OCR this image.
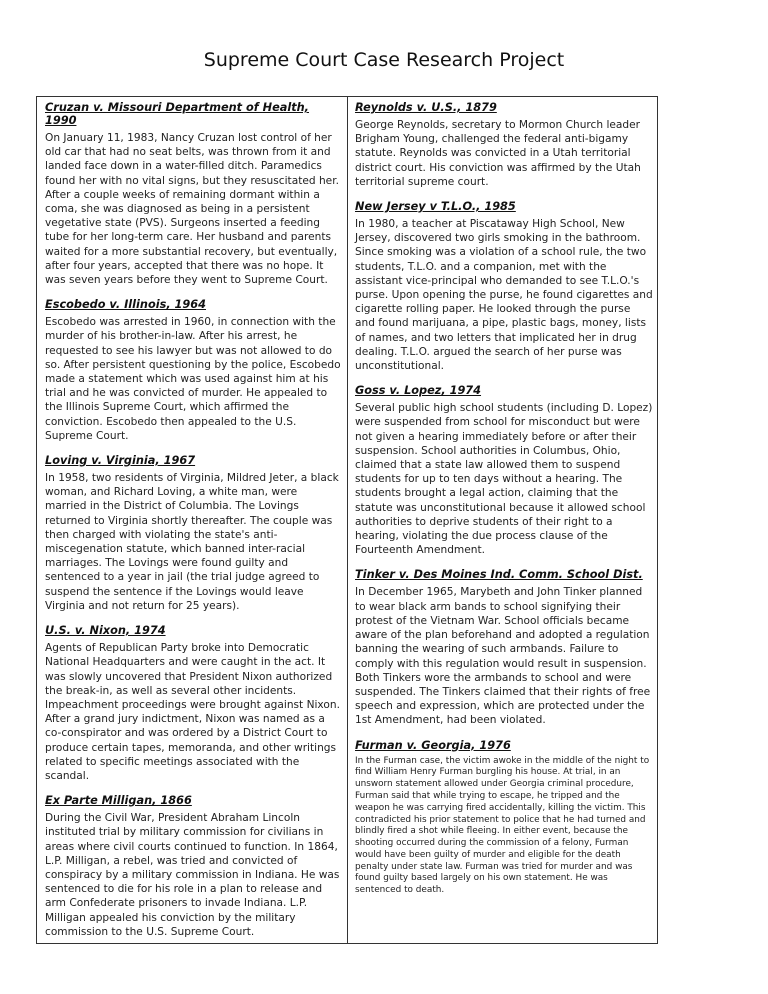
Supreme Court Case Research Project
Cruzan v. Missouri Department of Health, 1990

On January 11, 1983, Nancy Cruzan lost control of her old car that had no seat belts, was thrown from it and landed face down in a water-filled ditch. Paramedics found her with no vital signs, but they resuscitated her. After a couple weeks of remaining dormant within a coma, she was diagnosed as being in a persistent vegetative state (PVS). Surgeons inserted a feeding tube for her long-term care. Her husband and parents waited for a more substantial recovery, but eventually, after four years, accepted that there was no hope. It was seven years before they went to Supreme Court.

Escobedo v. Illinois, 1964

Escobedo was arrested in 1960, in connection with the murder of his brother-in-law. After his arrest, he requested to see his lawyer but was not allowed to do so. After persistent questioning by the police, Escobedo made a statement which was used against him at his trial and he was convicted of murder. He appealed to the Illinois Supreme Court, which affirmed the conviction. Escobedo then appealed to the U.S. Supreme Court.

Loving v. Virginia, 1967

In 1958, two residents of Virginia, Mildred Jeter, a black woman, and Richard Loving, a white man, were married in the District of Columbia. The Lovings returned to Virginia shortly thereafter. The couple was then charged with violating the state's anti-miscegenation statute, which banned inter-racial marriages. The Lovings were found guilty and sentenced to a year in jail (the trial judge agreed to suspend the sentence if the Lovings would leave Virginia and not return for 25 years).

U.S. v. Nixon, 1974

Agents of Republican Party broke into Democratic National Headquarters and were caught in the act. It was slowly uncovered that President Nixon authorized the break-in, as well as several other incidents. Impeachment proceedings were brought against Nixon. After a grand jury indictment, Nixon was named as a co-conspirator and was ordered by a District Court to produce certain tapes, memoranda, and other writings related to specific meetings associated with the scandal.

Ex Parte Milligan, 1866

During the Civil War, President Abraham Lincoln instituted trial by military commission for civilians in areas where civil courts continued to function. In 1864, L.P. Milligan, a rebel, was tried and convicted of conspiracy by a military commission in Indiana. He was sentenced to die for his role in a plan to release and arm Confederate prisoners to invade Indiana. L.P. Milligan appealed his conviction by the military commission to the U.S. Supreme Court.

Reynolds v. U.S., 1879

George Reynolds, secretary to Mormon Church leader Brigham Young, challenged the federal anti-bigamy statute. Reynolds was convicted in a Utah territorial district court. His conviction was affirmed by the Utah territorial supreme court.

New Jersey v T.L.O., 1985

In 1980, a teacher at Piscataway High School, New Jersey, discovered two girls smoking in the bathroom. Since smoking was a violation of a school rule, the two students, T.L.O. and a companion, met with the assistant vice-principal who demanded to see T.L.O.'s purse. Upon opening the purse, he found cigarettes and cigarette rolling paper. He looked through the purse and found marijuana, a pipe, plastic bags, money, lists of names, and two letters that implicated her in drug dealing. T.L.O. argued the search of her purse was unconstitutional.

Goss v. Lopez, 1974

Several public high school students (including D. Lopez) were suspended from school for misconduct but were not given a hearing immediately before or after their suspension. School authorities in Columbus, Ohio, claimed that a state law allowed them to suspend students for up to ten days without a hearing. The students brought a legal action, claiming that the statute was unconstitutional because it allowed school authorities to deprive students of their right to a hearing, violating the due process clause of the Fourteenth Amendment.

Tinker v. Des Moines Ind. Comm. School Dist.

In December 1965, Marybeth and John Tinker planned to wear black arm bands to school signifying their protest of the Vietnam War. School officials became aware of the plan beforehand and adopted a regulation banning the wearing of such armbands. Failure to comply with this regulation would result in suspension. Both Tinkers wore the armbands to school and were suspended. The Tinkers claimed that their rights of free speech and expression, which are protected under the 1st Amendment, had been violated.

Furman v. Georgia, 1976

In the Furman case, the victim awoke in the middle of the night to find William Henry Furman burgling his house. At trial, in an unsworn statement allowed under Georgia criminal procedure, Furman said that while trying to escape, he tripped and the weapon he was carrying fired accidentally, killing the victim. This contradicted his prior statement to police that he had turned and blindly fired a shot while fleeing. In either event, because the shooting occurred during the commission of a felony, Furman would have been guilty of murder and eligible for the death penalty under state law. Furman was tried for murder and was found guilty based largely on his own statement. He was sentenced to death.
